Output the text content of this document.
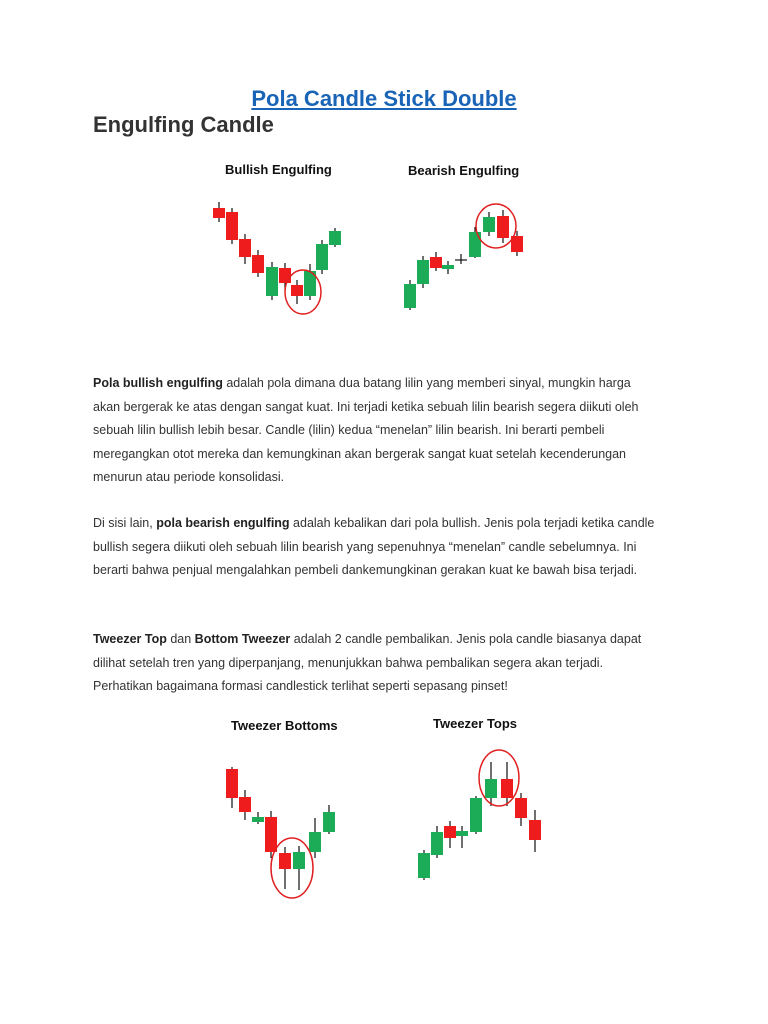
Pola Candle Stick Double
Engulfing Candle
Bullish Engulfing	Bearish Engulfing
Tweezer Bottoms	Tweezer Tops

Pola bullish engulfing adalah pola dimana dua batang lilin yang memberi sinyal, mungkin harga

akan bergerak ke atas dengan sangat kuat. Ini terjadi ketika sebuah lilin bearish segera diikuti oleh

sebuah lilin bullish lebih besar. Candle (lilin) kedua “menelan” lilin bearish. Ini berarti pembeli

meregangkan otot mereka dan kemungkinan akan bergerak sangat kuat setelah kecenderungan

menurun atau periode konsolidasi.

Di sisi lain, pola bearish engulfing adalah kebalikan dari pola bullish. Jenis pola terjadi ketika candle

bullish segera diikuti oleh sebuah lilin bearish yang sepenuhnya “menelan” candle sebelumnya. Ini

berarti bahwa penjual mengalahkan pembeli dankemungkinan gerakan kuat ke bawah bisa terjadi.

Tweezer Top dan Bottom Tweezer adalah 2 candle pembalikan. Jenis pola candle biasanya dapat

dilihat setelah tren yang diperpanjang, menunjukkan bahwa pembalikan segera akan terjadi.

Perhatikan bagaimana formasi candlestick terlihat seperti sepasang pinset!
